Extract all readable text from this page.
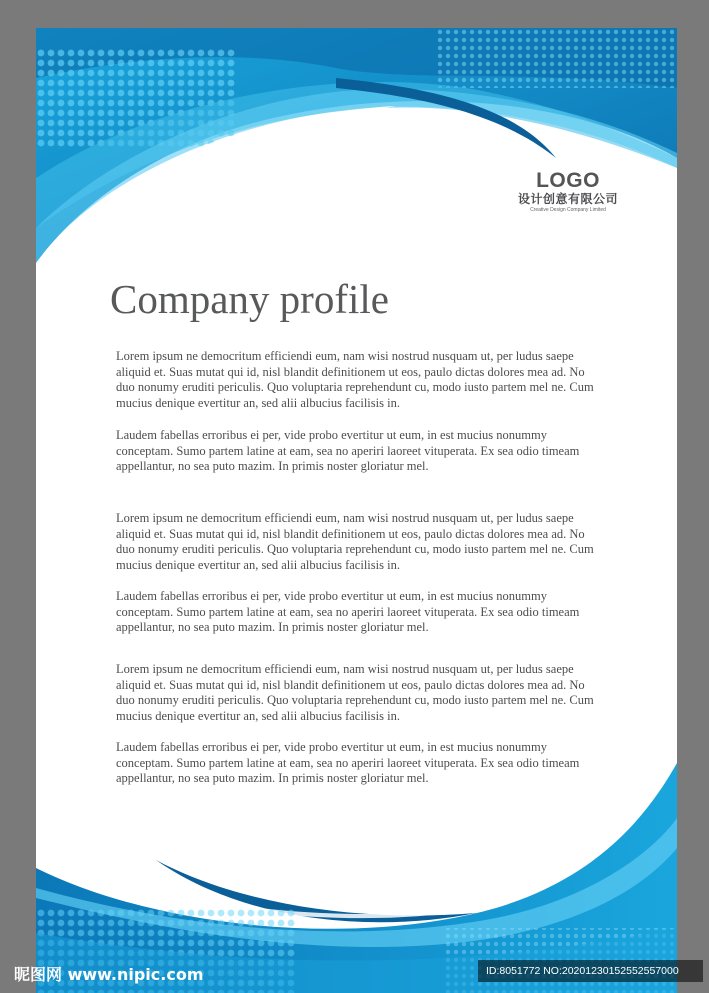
LOGO
设计创意有限公司
Creative Design Company Limited
Company profile

Lorem ipsum ne democritum efficiendi eum, nam wisi nostrud nusquam ut, per ludus saepe aliquid et. Suas mutat qui id, nisl blandit definitionem ut eos, paulo dictas dolores mea ad. No duo nonumy eruditi periculis. Quo voluptaria reprehendunt cu, modo iusto partem mel ne. Cum mucius denique evertitur an, sed alii albucius facilisis in.

Laudem fabellas erroribus ei per, vide probo evertitur ut eum, in est mucius nonummy conceptam. Sumo partem latine at eam, sea no aperiri laoreet vituperata. Ex sea odio timeam appellantur, no sea puto mazim. In primis noster gloriatur mel.

Lorem ipsum ne democritum efficiendi eum, nam wisi nostrud nusquam ut, per ludus saepe aliquid et. Suas mutat qui id, nisl blandit definitionem ut eos, paulo dictas dolores mea ad. No duo nonumy eruditi periculis. Quo voluptaria reprehendunt cu, modo iusto partem mel ne. Cum mucius denique evertitur an, sed alii albucius facilisis in.

Laudem fabellas erroribus ei per, vide probo evertitur ut eum, in est mucius nonummy conceptam. Sumo partem latine at eam, sea no aperiri laoreet vituperata. Ex sea odio timeam appellantur, no sea puto mazim. In primis noster gloriatur mel.

Lorem ipsum ne democritum efficiendi eum, nam wisi nostrud nusquam ut, per ludus saepe aliquid et. Suas mutat qui id, nisl blandit definitionem ut eos, paulo dictas dolores mea ad. No duo nonumy eruditi periculis. Quo voluptaria reprehendunt cu, modo iusto partem mel ne. Cum mucius denique evertitur an, sed alii albucius facilisis in.

Laudem fabellas erroribus ei per, vide probo evertitur ut eum, in est mucius nonummy conceptam. Sumo partem latine at eam, sea no aperiri laoreet vituperata. Ex sea odio timeam appellantur, no sea puto mazim. In primis noster gloriatur mel.

昵图网 www.nipic.com	ID:8051772 NO:20201230152552557000
